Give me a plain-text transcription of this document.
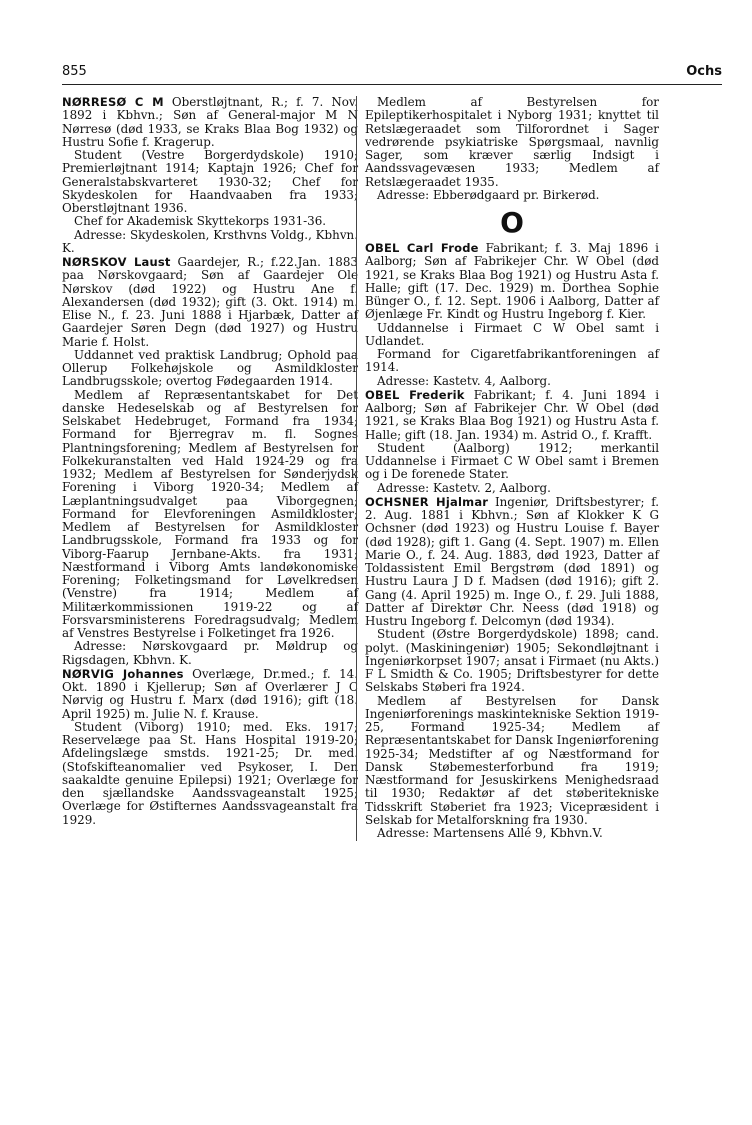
855	Ochs

NØRRESØ C M Oberstløjtnant, R.; f. 7. Nov. 1892 i Kbhvn.; Søn af General-major M N Nørresø (død 1933, se Kraks Blaa Bog 1932) og Hustru Sofie f. Kragerup.

Student (Vestre Borgerdydskole) 1910; Premierløjtnant 1914; Kaptajn 1926; Chef for Generalstabskvarteret 1930-32; Chef for Skydeskolen for Haandvaaben fra 1933; Oberstløjtnant 1936.

Chef for Akademisk Skyttekorps 1931-36.

Adresse: Skydeskolen, Krsthvns Voldg., Kbhvn. K.

NØRSKOV Laust Gaardejer, R.; f.22.Jan. 1883 paa Nørskovgaard; Søn af Gaardejer Ole Nørskov (død 1922) og Hustru Ane f. Alexandersen (død 1932); gift (3. Okt. 1914) m. Elise N., f. 23. Juni 1888 i Hjarbæk, Datter af Gaardejer Søren Degn (død 1927) og Hustru Marie f. Holst.

Uddannet ved praktisk Landbrug; Ophold paa Ollerup Folkehøjskole og Asmildkloster Landbrugsskole; overtog Fødegaarden 1914.

Medlem af Repræsentantskabet for Det danske Hedeselskab og af Bestyrelsen for Selskabet Hedebruget, Formand fra 1934; Formand for Bjerregrav m. fl. Sognes Plantningsforening; Medlem af Bestyrelsen for Folkekuranstalten ved Hald 1924-29 og fra 1932; Medlem af Bestyrelsen for Sønderjydsk Forening i Viborg 1920-34; Medlem af Læplantningsudvalget paa Viborgegnen; Formand for Elevforeningen Asmildkloster; Medlem af Bestyrelsen for Asmildkloster Landbrugsskole, Formand fra 1933 og for Viborg-Faarup Jernbane-Akts. fra 1931; Næstformand i Viborg Amts landøkonomiske Forening; Folketingsmand for Løvelkredsen (Venstre) fra 1914; Medlem af Militærkommissionen 1919-22 og af Forsvarsministerens Foredragsudvalg; Medlem af Venstres Bestyrelse i Folketinget fra 1926.

Adresse: Nørskovgaard pr. Møldrup og Rigsdagen, Kbhvn. K.

NØRVIG Johannes Overlæge, Dr.med.; f. 14. Okt. 1890 i Kjellerup; Søn af Overlærer J C Nørvig og Hustru f. Marx (død 1916); gift (18. April 1925) m. Julie N. f. Krause.

Student (Viborg) 1910; med. Eks. 1917; Reservelæge paa St. Hans Hospital 1919-20; Afdelingslæge smstds. 1921-25; Dr. med. (Stofskifteanomalier ved Psykoser, I. Den saakaldte genuine Epilepsi) 1921; Overlæge for den sjællandske Aandssvageanstalt 1925; Overlæge for Østifternes Aandssvageanstalt fra 1929.

Medlem af Bestyrelsen for Epileptikerhospitalet i Nyborg 1931; knyttet til Retslægeraadet som Tilforordnet i Sager vedrørende psykiatriske Spørgsmaal, navnlig Sager, som kræver særlig Indsigt i Aandssvagevæsen 1933; Medlem af Retslægeraadet 1935.

Adresse: Ebberødgaard pr. Birkerød.

O

OBEL Carl Frode Fabrikant; f. 3. Maj 1896 i Aalborg; Søn af Fabrikejer Chr. W Obel (død 1921, se Kraks Blaa Bog 1921) og Hustru Asta f. Halle; gift (17. Dec. 1929) m. Dorthea Sophie Bünger O., f. 12. Sept. 1906 i Aalborg, Datter af Øjenlæge Fr. Kindt og Hustru Ingeborg f. Kier.

Uddannelse i Firmaet C W Obel samt i Udlandet.

Formand for Cigaretfabrikantforeningen af 1914.

Adresse: Kastetv. 4, Aalborg.

OBEL Frederik Fabrikant; f. 4. Juni 1894 i Aalborg; Søn af Fabrikejer Chr. W Obel (død 1921, se Kraks Blaa Bog 1921) og Hustru Asta f. Halle; gift (18. Jan. 1934) m. Astrid O., f. Krafft.

Student (Aalborg) 1912; merkantil Uddannelse i Firmaet C W Obel samt i Bremen og i De forenede Stater.

Adresse: Kastetv. 2, Aalborg.

OCHSNER Hjalmar Ingeniør, Driftsbestyrer; f. 2. Aug. 1881 i Kbhvn.; Søn af Klokker K G Ochsner (død 1923) og Hustru Louise f. Bayer (død 1928); gift 1. Gang (4. Sept. 1907) m. Ellen Marie O., f. 24. Aug. 1883, død 1923, Datter af Toldassistent Emil Bergstrøm (død 1891) og Hustru Laura J D f. Madsen (død 1916); gift 2. Gang (4. April 1925) m. Inge O., f. 29. Juli 1888, Datter af Direktør Chr. Neess (død 1918) og Hustru Ingeborg f. Delcomyn (død 1934).

Student (Østre Borgerdydskole) 1898; cand. polyt. (Maskiningeniør) 1905; Sekondløjtnant i Ingeniørkorpset 1907; ansat i Firmaet (nu Akts.) F L Smidth & Co. 1905; Driftsbestyrer for dette Selskabs Støberi fra 1924.

Medlem af Bestyrelsen for Dansk Ingeniørforenings maskintekniske Sektion 1919-25, Formand 1925-34; Medlem af Repræsentantskabet for Dansk Ingeniørforening 1925-34; Medstifter af og Næstformand for Dansk Støbemesterforbund fra 1919; Næstformand for Jesuskirkens Menighedsraad til 1930; Redaktør af det støberitekniske Tidsskrift Støberiet fra 1923; Vicepræsident i Selskab for Metalforskning fra 1930.

Adresse: Martensens Allé 9, Kbhvn.V.
